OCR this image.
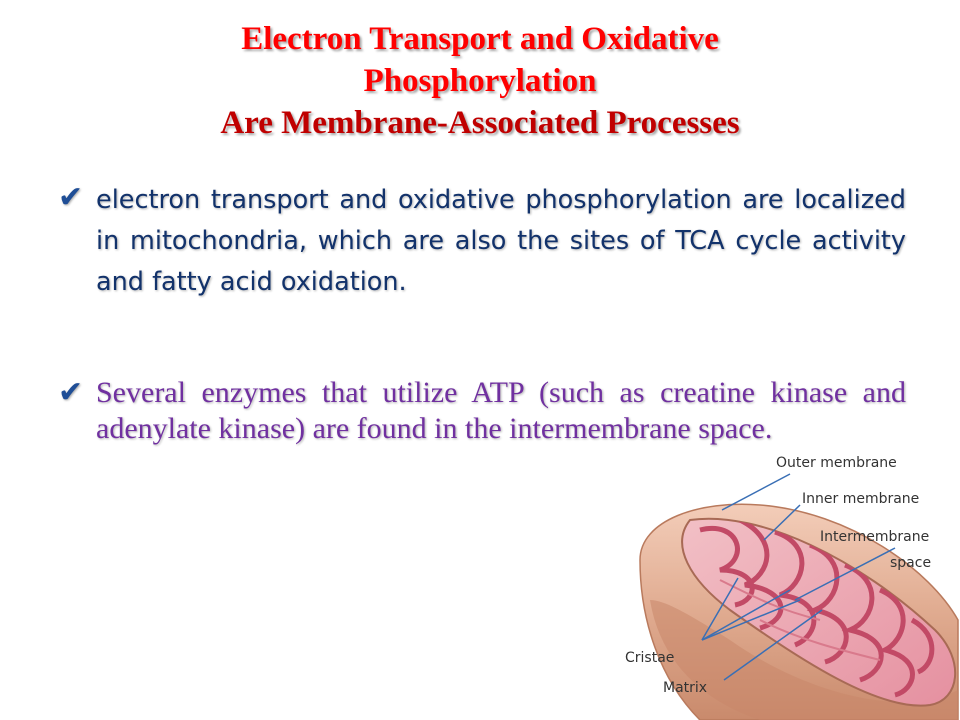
Electron Transport and Oxidative
Phosphorylation
Are Membrane-Associated Processes
✔ electron transport and oxidative phosphorylation are localized in mitochondria, which are also the sites of TCA cycle activity and fatty acid oxidation.
✔ Several enzymes that utilize ATP (such as creatine kinase and adenylate kinase) are found in the intermembrane space.
Outer membrane
Inner membrane
Intermembrane
space
Cristae
Matrix
